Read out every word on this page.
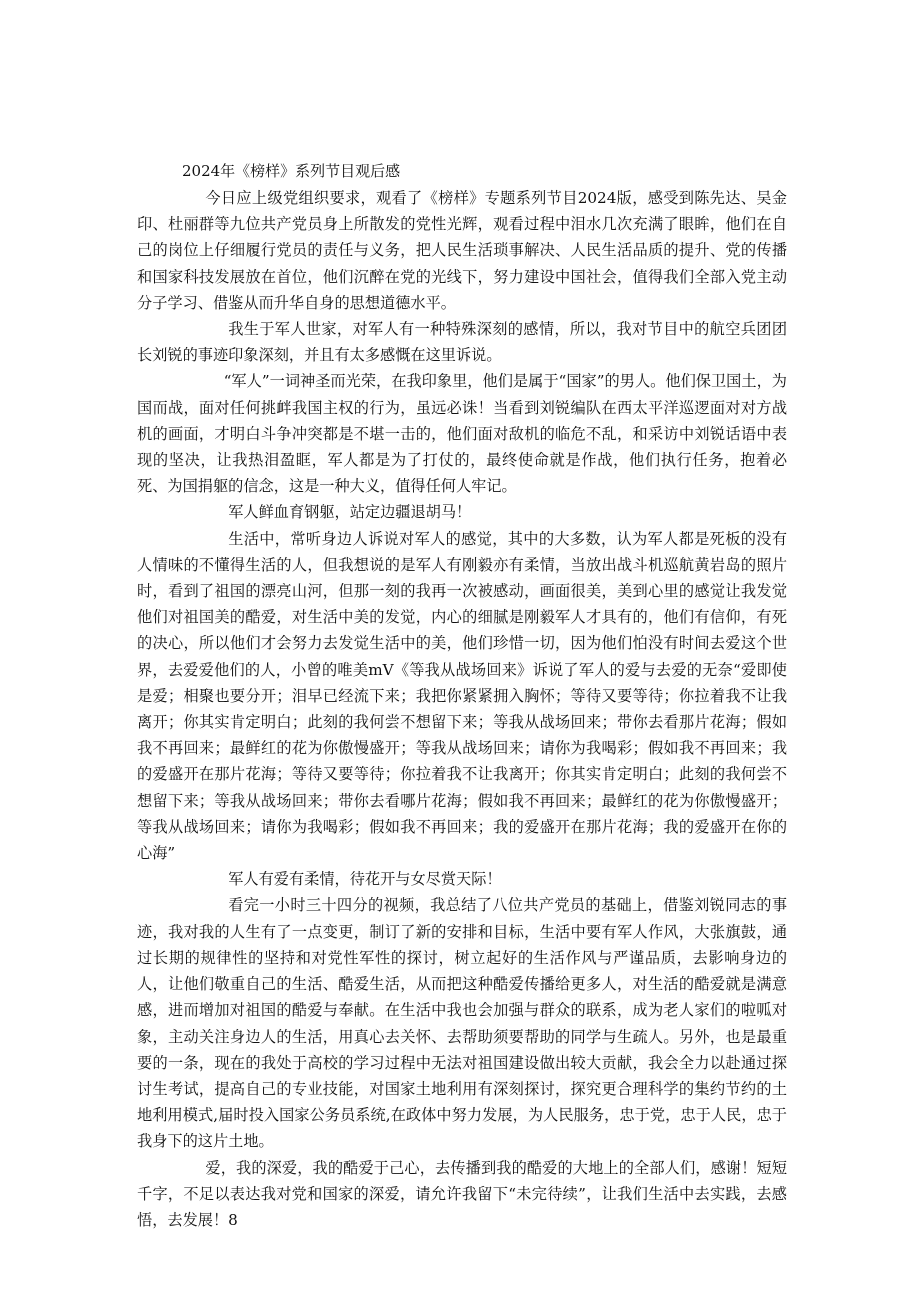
2024年《榜样》系列节目观后感

今日应上级党组织要求，观看了《榜样》专题系列节目2024版，感受到陈先达、吴金印、杜丽群等九位共产党员身上所散发的党性光辉，观看过程中泪水几次充满了眼眸，他们在自己的岗位上仔细履行党员的责任与义务，把人民生活琐事解决、人民生活品质的提升、党的传播和国家科技发展放在首位，他们沉醉在党的光线下，努力建设中国社会，值得我们全部入党主动分子学习、借鉴从而升华自身的思想道德水平。

我生于军人世家，对军人有一种特殊深刻的感情，所以，我对节目中的航空兵团团长刘锐的事迹印象深刻，并且有太多感慨在这里诉说。

“军人”一词神圣而光荣，在我印象里，他们是属于“国家”的男人。他们保卫国土，为国而战，面对任何挑衅我国主权的行为，虽远必诛！当看到刘锐编队在西太平洋巡逻面对对方战机的画面，才明白斗争冲突都是不堪一击的，他们面对敌机的临危不乱，和采访中刘锐话语中表现的坚决，让我热泪盈眶，军人都是为了打仗的，最终使命就是作战，他们执行任务，抱着必死、为国捐躯的信念，这是一种大义，值得任何人牢记。

军人鲜血育钢躯，站定边疆退胡马！

生活中，常听身边人诉说对军人的感觉，其中的大多数，认为军人都是死板的没有人情味的不懂得生活的人，但我想说的是军人有刚毅亦有柔情，当放出战斗机巡航黄岩岛的照片时，看到了祖国的漂亮山河，但那一刻的我再一次被感动，画面很美，美到心里的感觉让我发觉他们对祖国美的酷爱，对生活中美的发觉，内心的细腻是刚毅军人才具有的，他们有信仰，有死的决心，所以他们才会努力去发觉生活中的美，他们珍惜一切，因为他们怕没有时间去爱这个世界，去爱爱他们的人，小曾的唯美mV《等我从战场回来》诉说了军人的爱与去爱的无奈“爱即使是爱；相聚也要分开；泪早已经流下来；我把你紧紧拥入胸怀；等待又要等待；你拉着我不让我离开；你其实肯定明白；此刻的我何尝不想留下来；等我从战场回来；带你去看那片花海；假如我不再回来；最鲜红的花为你傲慢盛开；等我从战场回来；请你为我喝彩；假如我不再回来；我的爱盛开在那片花海；等待又要等待；你拉着我不让我离开；你其实肯定明白；此刻的我何尝不想留下来；等我从战场回来；带你去看哪片花海；假如我不再回来；最鲜红的花为你傲慢盛开；等我从战场回来；请你为我喝彩；假如我不再回来；我的爱盛开在那片花海；我的爱盛开在你的心海”

军人有爱有柔情，待花开与女尽赏天际！

看完一小时三十四分的视频，我总结了八位共产党员的基础上，借鉴刘锐同志的事迹，我对我的人生有了一点变更，制订了新的安排和目标，生活中要有军人作风，大张旗鼓，通过长期的规律性的坚持和对党性军性的探讨，树立起好的生活作风与严谨品质，去影响身边的人，让他们敬重自己的生活、酷爱生活，从而把这种酷爱传播给更多人，对生活的酷爱就是满意感，进而增加对祖国的酷爱与奉献。在生活中我也会加强与群众的联系，成为老人家们的啦呱对象，主动关注身边人的生活，用真心去关怀、去帮助须要帮助的同学与生疏人。另外，也是最重要的一条，现在的我处于高校的学习过程中无法对祖国建设做出较大贡献，我会全力以赴通过探讨生考试，提高自己的专业技能，对国家土地利用有深刻探讨，探究更合理科学的集约节约的土地利用模式,届时投入国家公务员系统,在政体中努力发展，为人民服务，忠于党，忠于人民，忠于我身下的这片土地。

爱，我的深爱，我的酷爱于己心，去传播到我的酷爱的大地上的全部人们，感谢！短短千字，不足以表达我对党和国家的深爱，请允许我留下“未完待续”，让我们生活中去实践，去感悟，去发展！8
